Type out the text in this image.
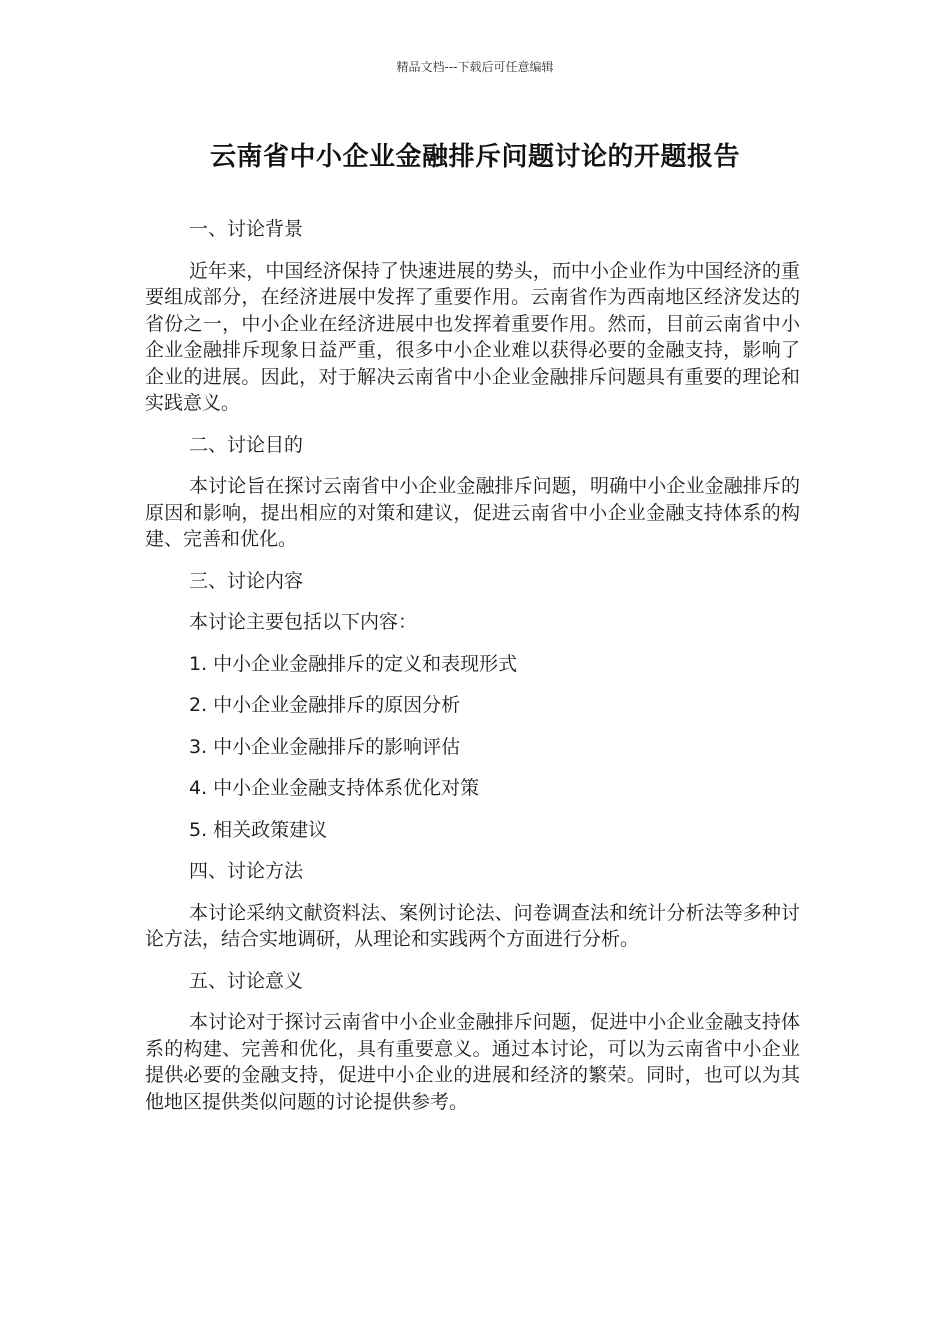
精品文档---下载后可任意编辑
云南省中小企业金融排斥问题讨论的开题报告
一、讨论背景

近年来，中国经济保持了快速进展的势头，而中小企业作为中国经济的重要组成部分，在经济进展中发挥了重要作用。云南省作为西南地区经济发达的省份之一，中小企业在经济进展中也发挥着重要作用。然而，目前云南省中小企业金融排斥现象日益严重，很多中小企业难以获得必要的金融支持，影响了企业的进展。因此，对于解决云南省中小企业金融排斥问题具有重要的理论和实践意义。

二、讨论目的

本讨论旨在探讨云南省中小企业金融排斥问题，明确中小企业金融排斥的原因和影响，提出相应的对策和建议，促进云南省中小企业金融支持体系的构建、完善和优化。

三、讨论内容
本讨论主要包括以下内容：
1. 中小企业金融排斥的定义和表现形式
2. 中小企业金融排斥的原因分析
3. 中小企业金融排斥的影响评估
4. 中小企业金融支持体系优化对策
5. 相关政策建议
四、讨论方法

本讨论采纳文献资料法、案例讨论法、问卷调查法和统计分析法等多种讨论方法，结合实地调研，从理论和实践两个方面进行分析。

五、讨论意义

本讨论对于探讨云南省中小企业金融排斥问题，促进中小企业金融支持体系的构建、完善和优化，具有重要意义。通过本讨论，可以为云南省中小企业提供必要的金融支持，促进中小企业的进展和经济的繁荣。同时，也可以为其他地区提供类似问题的讨论提供参考。
